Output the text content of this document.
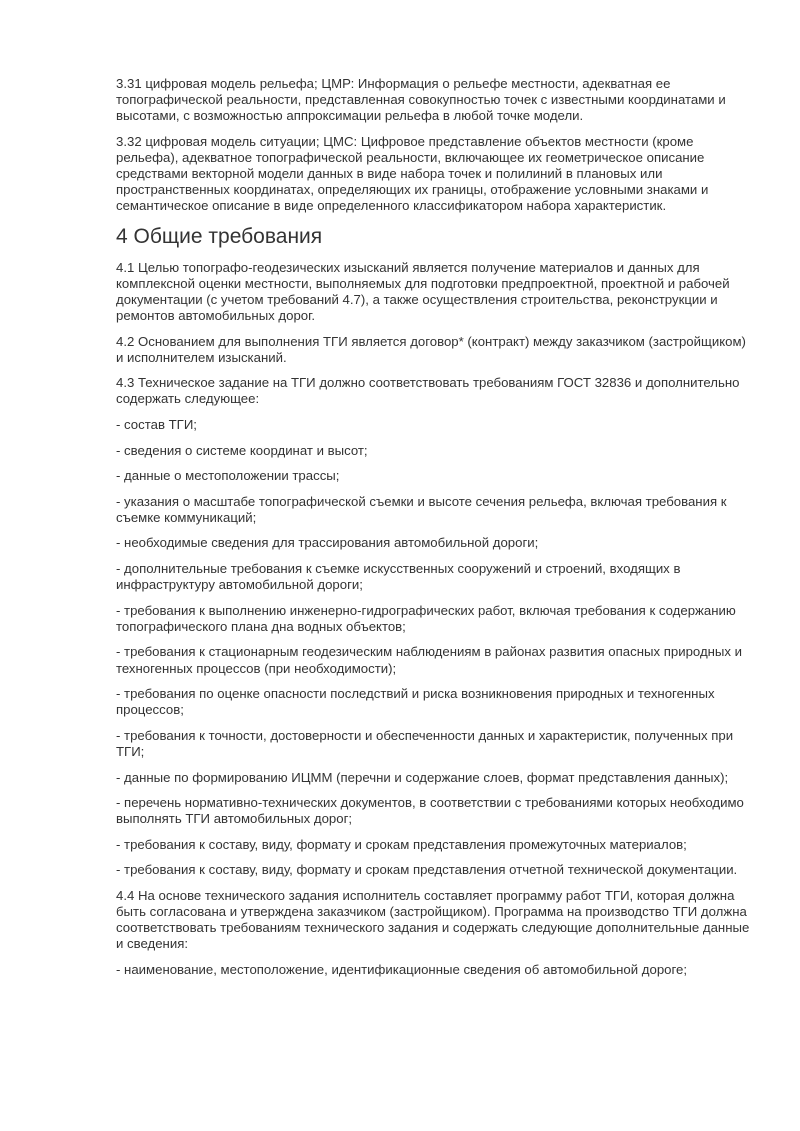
3.31 цифровая модель рельефа; ЦМР: Информация о рельефе местности, адекватная ее топографической реальности, представленная совокупностью точек с известными координатами и высотами, с возможностью аппроксимации рельефа в любой точке модели.

3.32 цифровая модель ситуации; ЦМС: Цифровое представление объектов местности (кроме рельефа), адекватное топографической реальности, включающее их геометрическое описание средствами векторной модели данных в виде набора точек и полилиний в плановых или пространственных координатах, определяющих их границы, отображение условными знаками и семантическое описание в виде определенного классификатором набора характеристик.

4 Общие требования

4.1 Целью топографо-геодезических изысканий является получение материалов и данных для комплексной оценки местности, выполняемых для подготовки предпроектной, проектной и рабочей документации (с учетом требований 4.7), а также осуществления строительства, реконструкции и ремонтов автомобильных дорог.

4.2 Основанием для выполнения ТГИ является договор* (контракт) между заказчиком (застройщиком) и исполнителем изысканий.

4.3 Техническое задание на ТГИ должно соответствовать требованиям ГОСТ 32836 и дополнительно содержать следующее:

- состав ТГИ;

- сведения о системе координат и высот;

- данные о местоположении трассы;

- указания о масштабе топографической съемки и высоте сечения рельефа, включая требования к съемке коммуникаций;

- необходимые сведения для трассирования автомобильной дороги;

- дополнительные требования к съемке искусственных сооружений и строений, входящих в инфраструктуру автомобильной дороги;

- требования к выполнению инженерно-гидрографических работ, включая требования к содержанию топографического плана дна водных объектов;

- требования к стационарным геодезическим наблюдениям в районах развития опасных природных и техногенных процессов (при необходимости);

- требования по оценке опасности последствий и риска возникновения природных и техногенных процессов;

- требования к точности, достоверности и обеспеченности данных и характеристик, полученных при ТГИ;

- данные по формированию ИЦММ (перечни и содержание слоев, формат представления данных);

- перечень нормативно-технических документов, в соответствии с требованиями которых необходимо выполнять ТГИ автомобильных дорог;

- требования к составу, виду, формату и срокам представления промежуточных материалов;

- требования к составу, виду, формату и срокам представления отчетной технической документации.

4.4 На основе технического задания исполнитель составляет программу работ ТГИ, которая должна быть согласована и утверждена заказчиком (застройщиком). Программа на производство ТГИ должна соответствовать требованиям технического задания и содержать следующие дополнительные данные и сведения:

- наименование, местоположение, идентификационные сведения об автомобильной дороге;
